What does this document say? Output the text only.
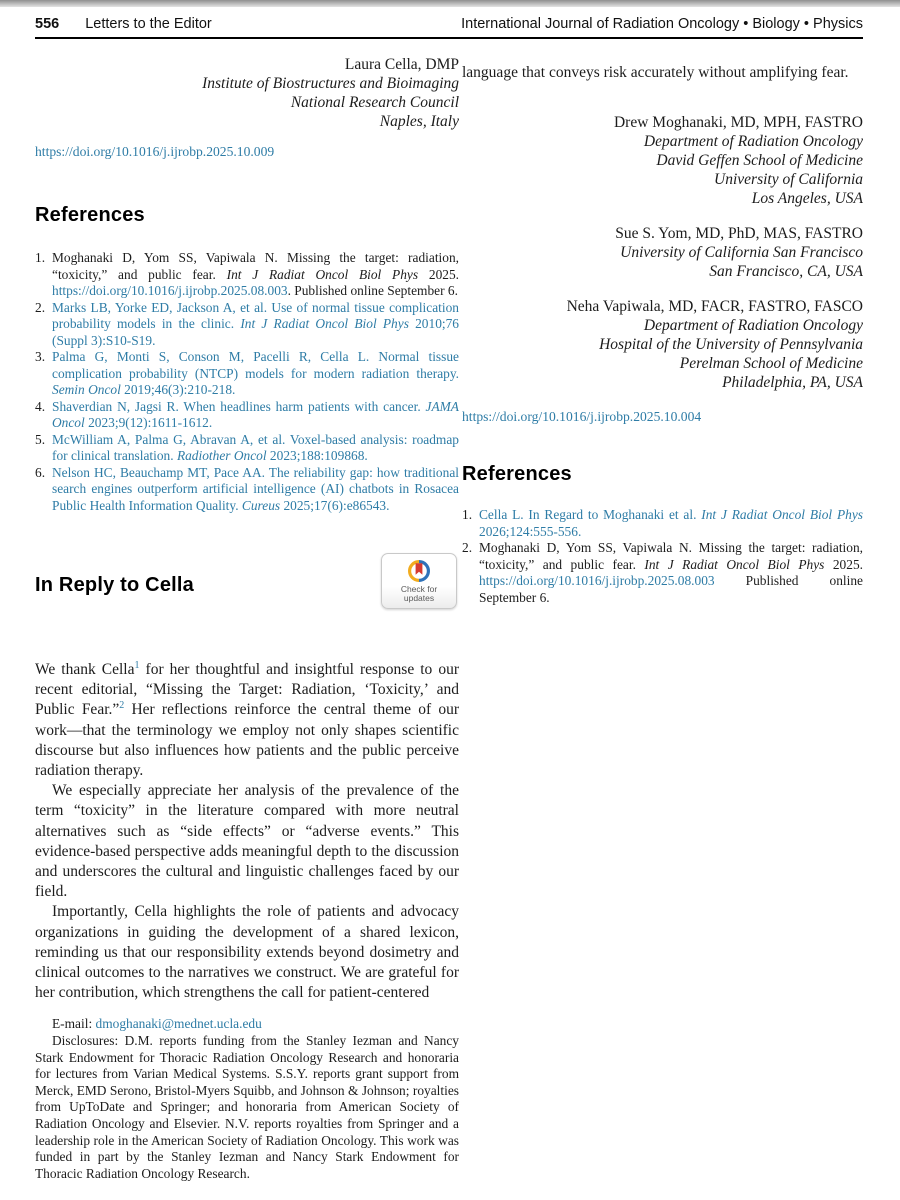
556 Letters to the Editor	International Journal of Radiation Oncology • Biology • Physics
Laura Cella, DMP
Institute of Biostructures and Bioimaging
National Research Council
Naples, Italy
https://doi.org/10.1016/j.ijrobp.2025.10.009
References
1. Moghanaki D, Yom SS, Vapiwala N. Missing the target: radiation, “toxicity,” and public fear. Int J Radiat Oncol Biol Phys 2025. https://doi.org/10.1016/j.ijrobp.2025.08.003. Published online September 6.
2. Marks LB, Yorke ED, Jackson A, et al. Use of normal tissue complication probability models in the clinic. Int J Radiat Oncol Biol Phys 2010;76 (Suppl 3):S10-S19.
3. Palma G, Monti S, Conson M, Pacelli R, Cella L. Normal tissue complication probability (NTCP) models for modern radiation therapy. Semin Oncol 2019;46(3):210-218.
4. Shaverdian N, Jagsi R. When headlines harm patients with cancer. JAMA Oncol 2023;9(12):1611-1612.
5. McWilliam A, Palma G, Abravan A, et al. Voxel-based analysis: roadmap for clinical translation. Radiother Oncol 2023;188:109868.
6. Nelson HC, Beauchamp MT, Pace AA. The reliability gap: how traditional search engines outperform artificial intelligence (AI) chatbots in Rosacea Public Health Information Quality. Cureus 2025;17(6):e86543.
In Reply to Cella	Check for
updates

We thank Cella$^1$ for her thoughtful and insightful response to our recent editorial, “Missing the Target: Radiation, ‘Toxicity,’ and Public Fear.”$^2$ Her reflections reinforce the central theme of our work—that the terminology we employ not only shapes scientific discourse but also influences how patients and the public perceive radiation therapy.

We especially appreciate her analysis of the prevalence of the term “toxicity” in the literature compared with more neutral alternatives such as “side effects” or “adverse events.” This evidence-based perspective adds meaningful depth to the discussion and underscores the cultural and linguistic challenges faced by our field.

Importantly, Cella highlights the role of patients and advocacy organizations in guiding the development of a shared lexicon, reminding us that our responsibility extends beyond dosimetry and clinical outcomes to the narratives we construct. We are grateful for her contribution, which strengthens the call for patient-centered

E-mail: dmoghanaki@mednet.ucla.edu
Disclosures: D.M. reports funding from the Stanley Iezman and Nancy Stark Endowment for Thoracic Radiation Oncology Research and honoraria for lectures from Varian Medical Systems. S.S.Y. reports grant support from Merck, EMD Serono, Bristol-Myers Squibb, and Johnson & Johnson; royalties from UpToDate and Springer; and honoraria from American Society of Radiation Oncology and Elsevier. N.V. reports royalties from Springer and a leadership role in the American Society of Radiation Oncology. This work was funded in part by the Stanley Iezman and Nancy Stark Endowment for Thoracic Radiation Oncology Research.

language that conveys risk accurately without amplifying fear.

Drew Moghanaki, MD, MPH, FASTRO
Department of Radiation Oncology
David Geffen School of Medicine
University of California
Los Angeles, USA
Sue S. Yom, MD, PhD, MAS, FASTRO
University of California San Francisco
San Francisco, CA, USA
Neha Vapiwala, MD, FACR, FASTRO, FASCO
Department of Radiation Oncology
Hospital of the University of Pennsylvania
Perelman School of Medicine
Philadelphia, PA, USA
https://doi.org/10.1016/j.ijrobp.2025.10.004
References
1. Cella L. In Regard to Moghanaki et al. Int J Radiat Oncol Biol Phys 2026;124:555-556.
2. Moghanaki D, Yom SS, Vapiwala N. Missing the target: radiation, “toxicity,” and public fear. Int J Radiat Oncol Biol Phys 2025. https://doi.org/10.1016/j.ijrobp.2025.08.003 Published online September 6.
